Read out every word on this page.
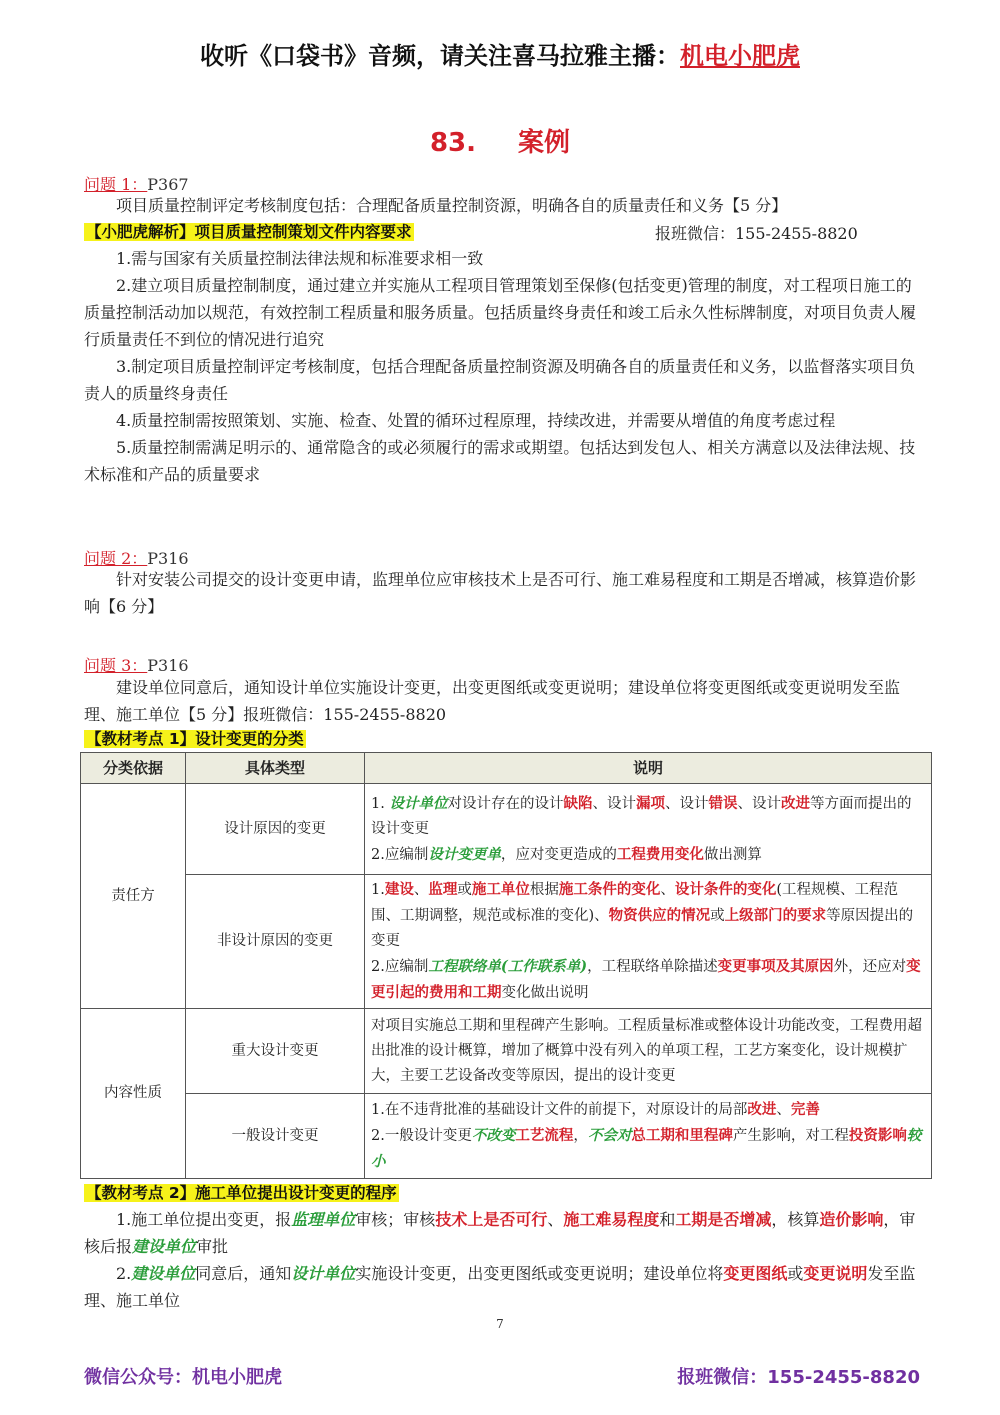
收听《口袋书》音频，请关注喜马拉雅主播：机电小肥虎
83. 案例
问题 1：P367
项目质量控制评定考核制度包括：合理配备质量控制资源，明确各自的质量责任和义务【5 分】
【小肥虎解析】项目质量控制策划文件内容要求	报班微信：155-2455-8820
1.需与国家有关质量控制法律法规和标准要求相一致
2.建立项目质量控制制度，通过建立并实施从工程项目管理策划至保修(包括变更)管理的制度，对工程项日施工的质量控制活动加以规范，有效控制工程质量和服务质量。包括质量终身责任和竣工后永久性标牌制度，对项目负责人履行质量责任不到位的情况进行追究
3.制定项目质量控制评定考核制度，包括合理配备质量控制资源及明确各自的质量责任和义务，以监督落实项目负责人的质量终身责任
4.质量控制需按照策划、实施、检查、处置的循环过程原理，持续改进，并需要从增值的角度考虑过程
5.质量控制需满足明示的、通常隐含的或必须履行的需求或期望。包括达到发包人、相关方满意以及法律法规、技术标准和产品的质量要求
问题 2：P316
针对安装公司提交的设计变更申请，监理单位应审核技术上是否可行、施工难易程度和工期是否增减，核算造价影响【6 分】
问题 3：P316
建设单位同意后，通知设计单位实施设计变更，出变更图纸或变更说明；建设单位将变更图纸或变更说明发至监理、施工单位【5 分】报班微信：155-2455-8820
【教材考点 1】设计变更的分类
分类依据	具体类型	说明
责任方	设计原因的变更	1. 设计单位对设计存在的设计缺陷、设计漏项、设计错误、设计改进等方面而提出的设计变更
2.应编制设计变更单，应对变更造成的工程费用变化做出测算

	非设计原因的变更	1.建设、监理或施工单位根据施工条件的变化、设计条件的变化(工程规模、工程范围、工期调整，规范或标准的变化)、物资供应的情况或上级部门的要求等原因提出的变更
2.应编制工程联络单(工作联系单)，工程联络单除描述变更事项及其原因外，还应对变更引起的费用和工期变化做出说明

内容性质	重大设计变更	对项目实施总工期和里程碑产生影响。工程质量标准或整体设计功能改变，工程费用超出批准的设计概算，增加了概算中没有列入的单项工程，工艺方案变化，设计规模扩大，主要工艺设备改变等原因，提出的设计变更
	一般设计变更	1.在不违背批准的基础设计文件的前提下，对原设计的局部改进、完善
2.一般设计变更不改变工艺流程，不会对总工期和里程碑产生影响，对工程投资影响较小
【教材考点 2】施工单位提出设计变更的程序
1.施工单位提出变更，报监理单位审核；审核技术上是否可行、施工难易程度和工期是否增减，核算造价影响，审核后报建设单位审批
2.建设单位同意后，通知设计单位实施设计变更，出变更图纸或变更说明；建设单位将变更图纸或变更说明发至监理、施工单位
7
微信公众号：机电小肥虎	报班微信：155-2455-8820
